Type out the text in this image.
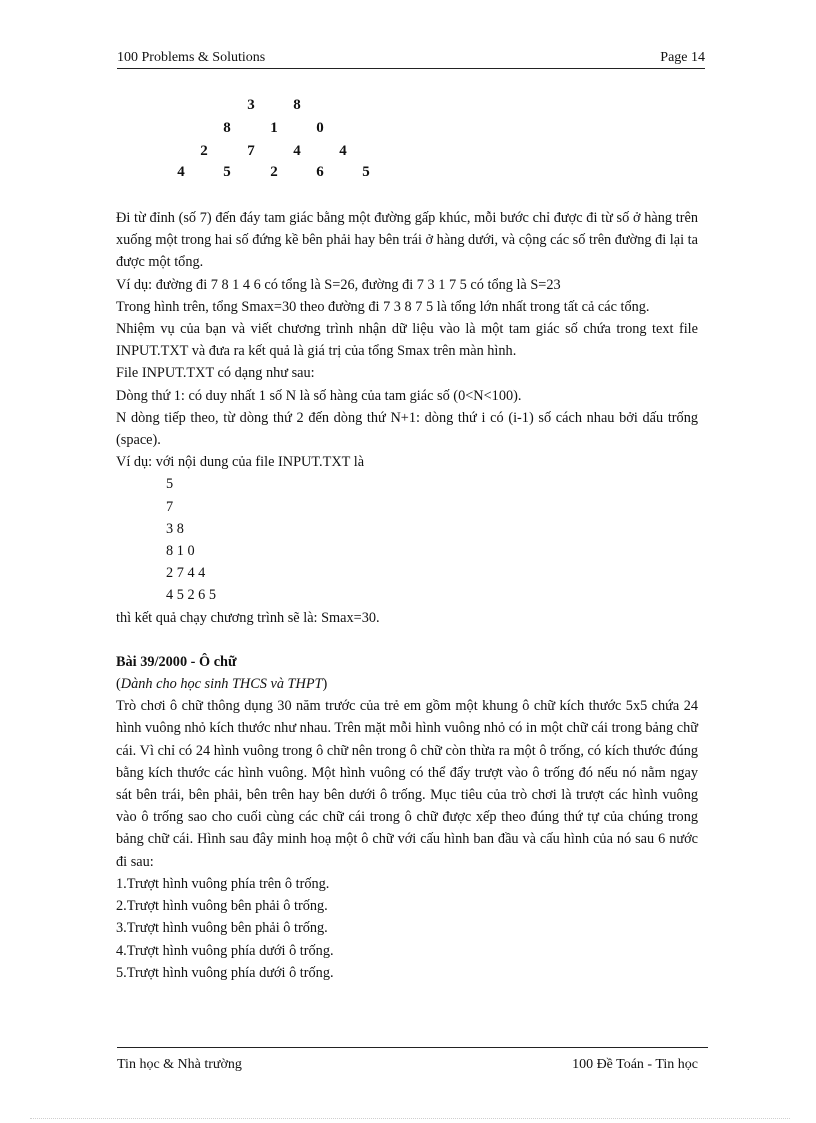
100 Problems & Solutions	Page 14
3	8
8	1	0
2	7	4	4
4	5	2	6	5

Đi từ đỉnh (số 7) đến đáy tam giác bằng một đường gấp khúc, mỗi bước chỉ được đi từ số ở hàng trên xuống một trong hai số đứng kề bên phải hay bên trái ở hàng dưới, và cộng các số trên đường đi lại ta được một tổng.

Ví dụ: đường đi 7 8 1 4 6 có tổng là S=26, đường đi 7 3 1 7 5 có tổng là S=23

Trong hình trên, tổng Smax=30 theo đường đi 7 3 8 7 5 là tổng lớn nhất trong tất cả các tổng.

Nhiệm vụ của bạn và viết chương trình nhận dữ liệu vào là một tam giác số chứa trong text file INPUT.TXT và đưa ra kết quả là giá trị của tổng Smax trên màn hình.

File INPUT.TXT có dạng như sau:

Dòng thứ 1: có duy nhất 1 số N là số hàng của tam giác số (0<N<100).

N dòng tiếp theo, từ dòng thứ 2 đến dòng thứ N+1: dòng thứ i có (i-1) số cách nhau bởi dấu trống (space).

Ví dụ: với nội dung của file INPUT.TXT là

5

7

3 8

8 1 0

2 7 4 4

4 5 2 6 5

thì kết quả chạy chương trình sẽ là: Smax=30.

Bài 39/2000 - Ô chữ

(Dành cho học sinh THCS và THPT)

Trò chơi ô chữ thông dụng 30 năm trước của trẻ em gồm một khung ô chữ kích thước 5x5 chứa 24 hình vuông nhỏ kích thước như nhau. Trên mặt mỗi hình vuông nhỏ có in một chữ cái trong bảng chữ cái. Vì chỉ có 24 hình vuông trong ô chữ nên trong ô chữ còn thừa ra một ô trống, có kích thước đúng bằng kích thước các hình vuông. Một hình vuông có thể đẩy trượt vào ô trống đó nếu nó nằm ngay sát bên trái, bên phải, bên trên hay bên dưới ô trống. Mục tiêu của trò chơi là trượt các hình vuông vào ô trống sao cho cuối cùng các chữ cái trong ô chữ được xếp theo đúng thứ tự của chúng trong bảng chữ cái. Hình sau đây minh hoạ một ô chữ với cấu hình ban đầu và cấu hình của nó sau 6 nước đi sau:

1.Trượt hình vuông phía trên ô trống.

2.Trượt hình vuông bên phải ô trống.

3.Trượt hình vuông bên phải ô trống.

4.Trượt hình vuông phía dưới ô trống.

5.Trượt hình vuông phía dưới ô trống.

Tin học & Nhà trường	100 Đề Toán - Tin học
